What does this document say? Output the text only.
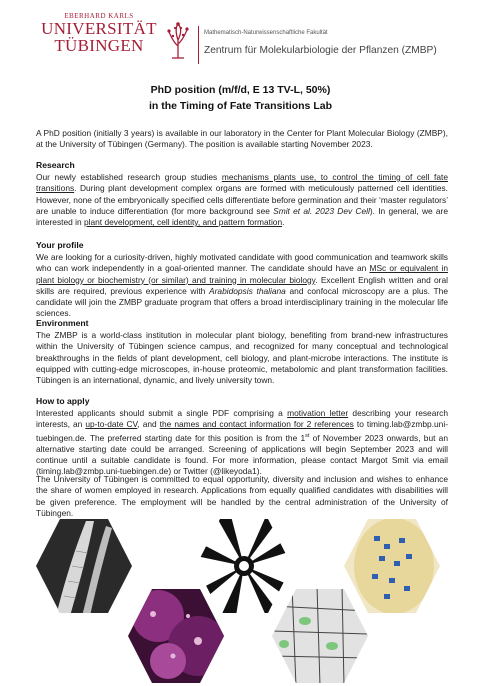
EBERHARD KARLS
UNIVERSITÄT
TÜBINGEN
Mathematisch-Naturwissenschaftliche Fakultät
Zentrum für Molekularbiologie der Pflanzen (ZMBP)
PhD position (m/f/d, E 13 TV-L, 50%)
in the Timing of Fate Transitions Lab
A PhD position (initially 3 years) is available in our laboratory in the Center for Plant Molecular Biology (ZMBP), at the University of Tübingen (Germany). The position is available starting November 2023.
Research
Our newly established research group studies mechanisms plants use, to control the timing of cell fate transitions. During plant development complex organs are formed with meticulously patterned cell identities. However, none of the embryonically specified cells differentiate before germination and their ‘master regulators’ are unable to induce differentiation (for more background see Smit et al. 2023 Dev Cell). In general, we are interested in plant development, cell identity, and pattern formation.
Your profile
We are looking for a curiosity-driven, highly motivated candidate with good communication and teamwork skills who can work independently in a goal-oriented manner. The candidate should have an MSc or equivalent in plant biology or biochemistry (or similar) and training in molecular biology. Excellent English written and oral skills are required, previous experience with Arabidopsis thaliana and confocal microscopy are a plus. The candidate will join the ZMBP graduate program that offers a broad interdisciplinary training in the molecular life sciences.
Environment
The ZMBP is a world-class institution in molecular plant biology, benefiting from brand-new infrastructures within the University of Tübingen science campus, and recognized for many conceptual and technological breakthroughs in the fields of plant development, cell biology, and plant-microbe interactions. The institute is equipped with cutting-edge microscopes, in-house proteomic, metabolomic and plant transformation facilities. Tübingen is an international, dynamic, and lively university town.
How to apply
Interested applicants should submit a single PDF comprising a motivation letter describing your research interests, an up-to-date CV, and the names and contact information for 2 references to timing.lab@zmbp.uni-tuebingen.de. The preferred starting date for this position is from the 1st of November 2023 onwards, but an alternative starting date could be arranged. Screening of applications will begin September 2023 and will continue until a suitable candidate is found. For more information, please contact Margot Smit via email (timing.lab@zmbp.uni-tuebingen.de) or Twitter (@likeyoda1).
The University of Tübingen is committed to equal opportunity, diversity and inclusion and wishes to enhance the share of women employed in research. Applications from equally qualified candidates with disabilities will be given preference. The employment will be handled by the central administration of the University of Tübingen.
